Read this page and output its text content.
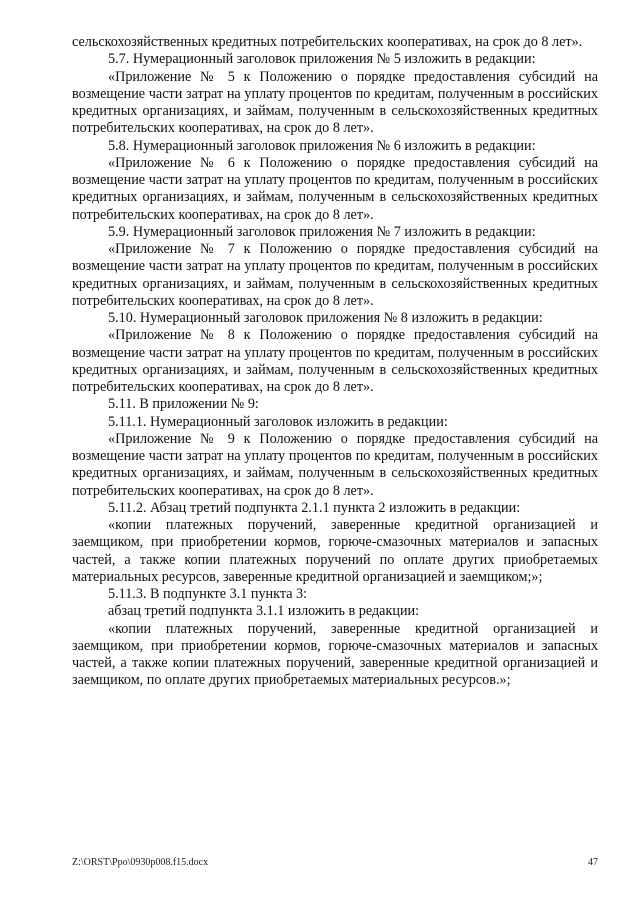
сельскохозяйственных кредитных потребительских кооперативах, на срок до 8 лет».

5.7. Нумерационный заголовок приложения № 5 изложить в редакции:

«Приложение № 5 к Положению о порядке предоставления субсидий на возмещение части затрат на уплату процентов по кредитам, полученным в российских кредитных организациях, и займам, полученным в сельскохозяйственных кредитных потребительских кооперативах, на срок до 8 лет».

5.8. Нумерационный заголовок приложения № 6 изложить в редакции:

«Приложение № 6 к Положению о порядке предоставления субсидий на возмещение части затрат на уплату процентов по кредитам, полученным в российских кредитных организациях, и займам, полученным в сельскохозяйственных кредитных потребительских кооперативах, на срок до 8 лет».

5.9. Нумерационный заголовок приложения № 7 изложить в редакции:

«Приложение № 7 к Положению о порядке предоставления субсидий на возмещение части затрат на уплату процентов по кредитам, полученным в российских кредитных организациях, и займам, полученным в сельскохозяйственных кредитных потребительских кооперативах, на срок до 8 лет».

5.10. Нумерационный заголовок приложения № 8 изложить в редакции:

«Приложение № 8 к Положению о порядке предоставления субсидий на возмещение части затрат на уплату процентов по кредитам, полученным в российских кредитных организациях, и займам, полученным в сельскохозяйственных кредитных потребительских кооперативах, на срок до 8 лет».

5.11. В приложении № 9:

5.11.1. Нумерационный заголовок изложить в редакции:

«Приложение № 9 к Положению о порядке предоставления субсидий на возмещение части затрат на уплату процентов по кредитам, полученным в российских кредитных организациях, и займам, полученным в сельскохозяйственных кредитных потребительских кооперативах, на срок до 8 лет».

5.11.2. Абзац третий подпункта 2.1.1 пункта 2 изложить в редакции:

«копии платежных поручений, заверенные кредитной организацией и заемщиком, при приобретении кормов, горюче-смазочных материалов и запасных частей, а также копии платежных поручений по оплате других приобретаемых материальных ресурсов, заверенные кредитной организацией и заемщиком;»;

5.11.3. В подпункте 3.1 пункта 3:

абзац третий подпункта 3.1.1 изложить в редакции:

«копии платежных поручений, заверенные кредитной организацией и заемщиком, при приобретении кормов, горюче-смазочных материалов и запасных частей, а также копии платежных поручений, заверенные кредитной организацией и заемщиком, по оплате других приобретаемых материальных ресурсов.»;

Z:\ORST\Ppo\0930p008.f15.docx	47
